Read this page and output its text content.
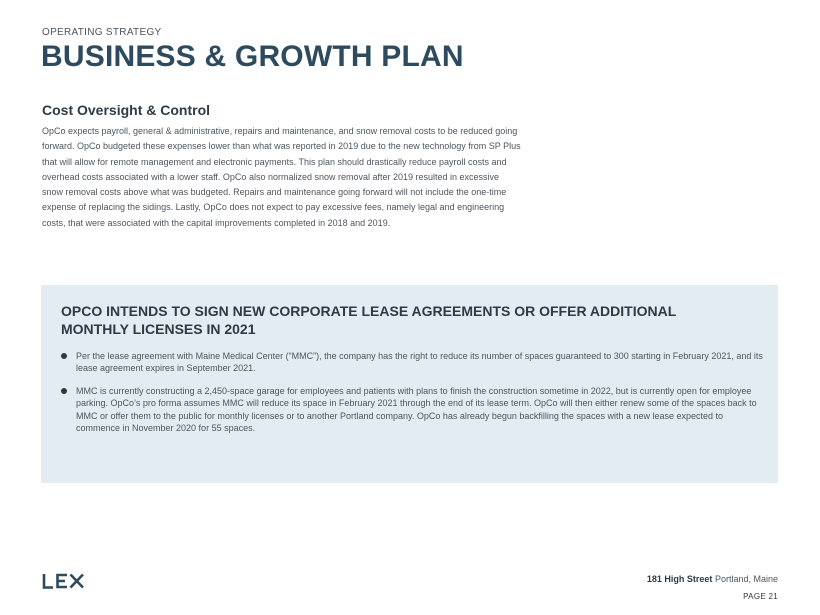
OPERATING STRATEGY
BUSINESS & GROWTH PLAN
Cost Oversight & Control

OpCo expects payroll, general & administrative, repairs and maintenance, and snow removal costs to be reduced going forward. OpCo budgeted these expenses lower than what was reported in 2019 due to the new technology from SP Plus that will allow for remote management and electronic payments. This plan should drastically reduce payroll costs and overhead costs associated with a lower staff. OpCo also normalized snow removal after 2019 resulted in excessive snow removal costs above what was budgeted. Repairs and maintenance going forward will not include the one-time expense of replacing the sidings. Lastly, OpCo does not expect to pay excessive fees, namely legal and engineering costs, that were associated with the capital improvements completed in 2018 and 2019.

OPCO INTENDS TO SIGN NEW CORPORATE LEASE AGREEMENTS OR OFFER ADDITIONAL MONTHLY LICENSES IN 2021
Per the lease agreement with Maine Medical Center (“MMC”), the company has the right to reduce its number of spaces guaranteed to 300 starting in February 2021, and its lease agreement expires in September 2021.
MMC is currently constructing a 2,450-space garage for employees and patients with plans to finish the construction sometime in 2022, but is currently open for employee parking. OpCo’s pro forma assumes MMC will reduce its space in February 2021 through the end of its lease term. OpCo will then either renew some of the spaces back to MMC or offer them to the public for monthly licenses or to another Portland company. OpCo has already begun backfilling the spaces with a new lease expected to commence in November 2020 for 55 spaces.
181 High Street Portland, Maine
PAGE 21
